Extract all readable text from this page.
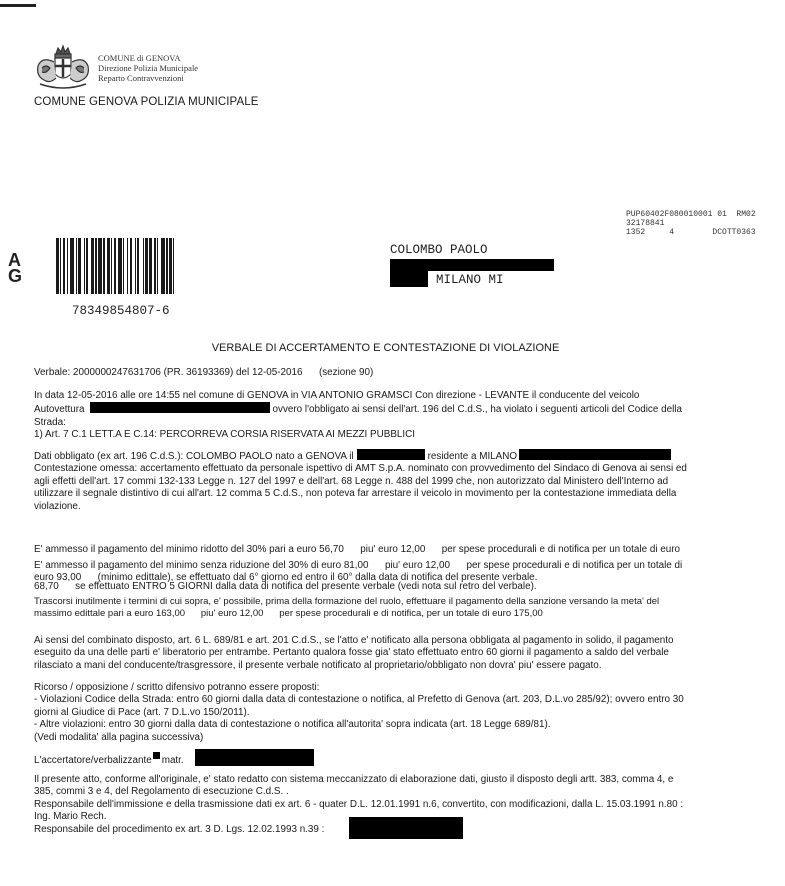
COMUNE di GENOVA
Direzione Polizia Municipale
Reparto Contravvenzioni
COMUNE GENOVA POLIZIA MUNICIPALE
PUP60402F080010001 01  RM02
32178841
1352     4        DCOTT0363
A
G
78349854807-6
COLOMBO PAOLO
MILANO MI
VERBALE DI ACCERTAMENTO E CONTESTAZIONE DI VIOLAZIONE
Verbale: 2000000247631706 (PR. 36193369) del 12-05-2016      (sezione 90)
In data 12-05-2016 alle ore 14:55 nel comune di GENOVA in VIA ANTONIO GRAMSCI Con direzione - LEVANTE il conducente del veicolo
Autovettura	ovvero l'obbligato ai sensi dell'art. 196 del C.d.S., ha violato i seguenti articoli del Codice della
Strada:
1) Art. 7 C.1 LETT.A E C.14: PERCORREVA CORSIA RISERVATA AI MEZZI PUBBLICI
Dati obbligato (ex art. 196 C.d.S.): COLOMBO PAOLO nato a GENOVA il	residente a MILANO
Contestazione omessa: accertamento effettuato da personale ispettivo di AMT S.p.A. nominato con provvedimento del Sindaco di Genova ai sensi ed
agli effetti dell'art. 17 commi 132-133 Legge n. 127 del 1997 e dell'art. 68 Legge n. 488 del 1999 che, non autorizzato dal Ministero dell'Interno ad
utilizzare il segnale distintivo di cui all'art. 12 comma 5 C.d.S., non poteva far arrestare il veicolo in movimento per la contestazione immediata della
violazione.

E' ammesso il pagamento del minimo ridotto del 30% pari a euro 56,70      piu' euro 12,00      per spese procedurali e di notifica per un totale di euro

68,70      se effettuato ENTRO 5 GIORNI dalla data di notifica del presente verbale (vedi nota sul retro del verbale).

E' ammesso il pagamento del minimo senza riduzione del 30% di euro 81,00      piu' euro 12,00      per spese procedurali e di notifica per un totale di
euro 93,00      (minimo edittale), se effettuato dal 6° giorno ed entro il 60° dalla data di notifica del presente verbale.
Trascorsi inutilmente i termini di cui sopra, e' possibile, prima della formazione del ruolo, effettuare il pagamento della sanzione versando la meta' del
massimo edittale pari a euro 163,00      piu' euro 12,00      per spese procedurali e di notifica, per un totale di euro 175,00
Ai sensi del combinato disposto, art. 6 L. 689/81 e art. 201 C.d.S., se l'atto e' notificato alla persona obbligata al pagamento in solido, il pagamento
eseguito da una delle parti e' liberatorio per entrambe. Pertanto qualora fosse gia' stato effettuato entro 60 giorni il pagamento a saldo del verbale
rilasciato a mani del conducente/trasgressore, il presente verbale notificato al proprietario/obbligato non dovra' piu' essere pagato.
Ricorso / opposizione / scritto difensivo potranno essere proposti:
- Violazioni Codice della Strada: entro 60 giorni dalla data di contestazione o notifica, al Prefetto di Genova (art. 203, D.L.vo 285/92); ovvero entro 30
giorni al Giudice di Pace (art. 7 D.L.vo 150/2011).
- Altre violazioni: entro 30 giorni dalla data di contestazione o notifica all'autorita' sopra indicata (art. 18 Legge 689/81).
(Vedi modalita' alla pagina successiva)
L'accertatore/verbalizzante matr.
Il presente atto, conforme all'originale, e' stato redatto con sistema meccanizzato di elaborazione dati, giusto il disposto degli artt. 383, comma 4, e
385, commi 3 e 4, del Regolamento di esecuzione C.d.S. .
Responsabile dell'immissione e della trasmissione dati ex art. 6 - quater D.L. 12.01.1991 n.6, convertito, con modificazioni, dalla L. 15.03.1991 n.80 :
Ing. Mario Rech.
Responsabile del procedimento ex art. 3 D. Lgs. 12.02.1993 n.39 :
